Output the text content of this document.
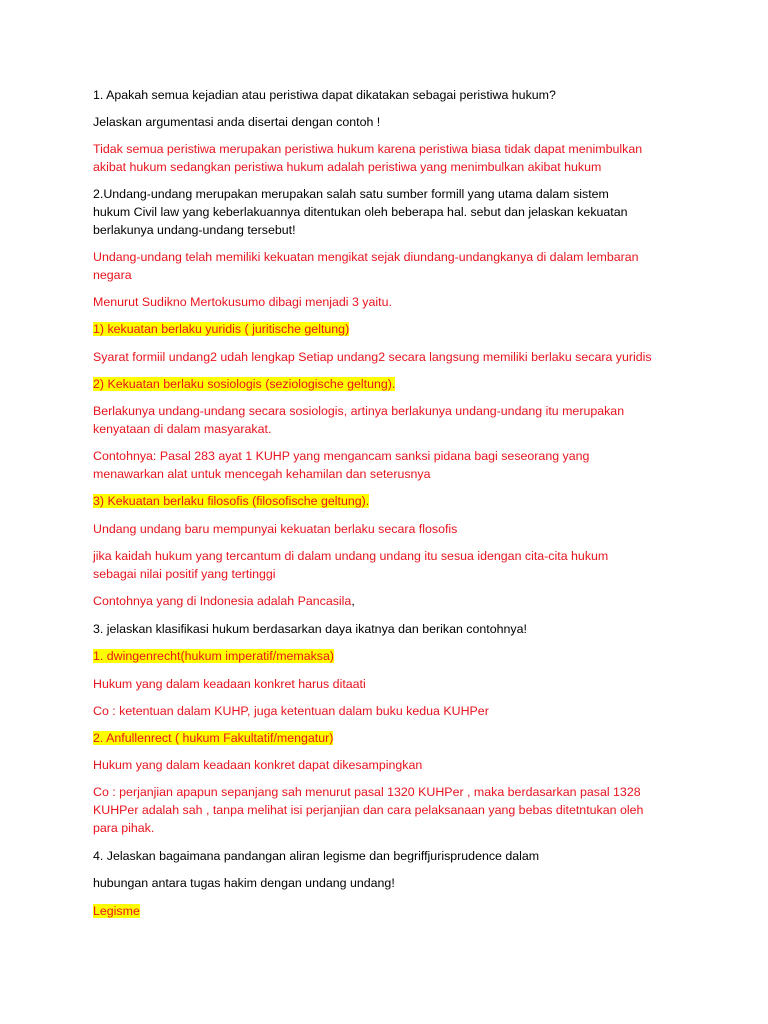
1. Apakah semua kejadian atau peristiwa dapat dikatakan sebagai peristiwa hukum?

Jelaskan argumentasi anda disertai dengan contoh !

Tidak semua peristiwa merupakan peristiwa hukum karena peristiwa biasa tidak dapat menimbulkan

akibat hukum sedangkan peristiwa hukum adalah peristiwa yang menimbulkan akibat hukum

2.Undang-undang merupakan merupakan salah satu sumber formill yang utama dalam sistem

hukum Civil law yang keberlakuannya ditentukan oleh beberapa hal. sebut dan jelaskan kekuatan

berlakunya undang-undang tersebut!

Undang-undang telah memiliki kekuatan mengikat sejak diundang-undangkanya di dalam lembaran

negara

Menurut Sudikno Mertokusumo dibagi menjadi 3 yaitu.

1) kekuatan berlaku yuridis ( juritische geltung)

Syarat formiil undang2 udah lengkap Setiap undang2 secara langsung memiliki berlaku secara yuridis

2) Kekuatan berlaku sosiologis (seziologische geltung).

Berlakunya undang-undang secara sosiologis, artinya berlakunya undang-undang itu merupakan

kenyataan di dalam masyarakat.

Contohnya: Pasal 283 ayat 1 KUHP yang mengancam sanksi pidana bagi seseorang yang

menawarkan alat untuk mencegah kehamilan dan seterusnya

3) Kekuatan berlaku filosofis (filosofische geltung).

Undang undang baru mempunyai kekuatan berlaku secara flosofis

jika kaidah hukum yang tercantum di dalam undang undang itu sesua idengan cita-cita hukum

sebagai nilai positif yang tertinggi

Contohnya yang di Indonesia adalah Pancasila,

3. jelaskan klasifikasi hukum berdasarkan daya ikatnya dan berikan contohnya!

1. dwingenrecht(hukum imperatif/memaksa)

Hukum yang dalam keadaan konkret harus ditaati

Co : ketentuan dalam KUHP, juga ketentuan dalam buku kedua KUHPer

2. Anfullenrect ( hukum Fakultatif/mengatur)

Hukum yang dalam keadaan konkret dapat dikesampingkan

Co : perjanjian apapun sepanjang sah menurut pasal 1320 KUHPer , maka berdasarkan pasal 1328

KUHPer adalah sah , tanpa melihat isi perjanjian dan cara pelaksanaan yang bebas ditetntukan oleh

para pihak.

4. Jelaskan bagaimana pandangan aliran legisme dan begriffjurisprudence dalam

hubungan antara tugas hakim dengan undang undang!

Legisme
